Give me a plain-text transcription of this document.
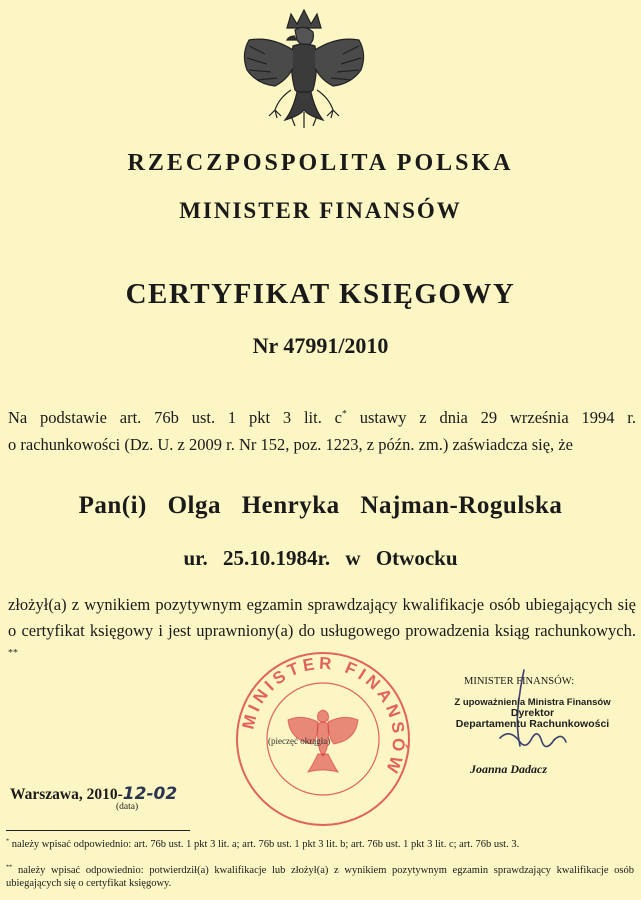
RZECZPOSPOLITA POLSKA
MINISTER FINANSÓW
CERTYFIKAT KSIĘGOWY
Nr 47991/2010
Na podstawie art. 76b ust. 1 pkt 3 lit. c* ustawy z dnia 29 września 1994 r.
o rachunkowości (Dz. U. z 2009 r. Nr 152, poz. 1223, z późn. zm.) zaświadcza się, że
Pan(i) Olga Henryka Najman-Rogulska
ur. 25.10.1984r. w Otwocku
złożył(a) z wynikiem pozytywnym egzamin sprawdzający kwalifikacje osób ubiegających się o certyfikat księgowy i jest uprawniony(a) do usługowego prowadzenia ksiąg rachunkowych. **
MINISTER FINANSÓW
(pieczęć okrągła)
MINISTER FINANSÓW:
Z upoważnienia Ministra Finansów
Dyrektor
Departamentu Rachunkowości
Joanna Dadacz
Warszawa, 2010-12-02
(data)
* należy wpisać odpowiednio: art. 76b ust. 1 pkt 3 lit. a; art. 76b ust. 1 pkt 3 lit. b; art. 76b ust. 1 pkt 3 lit. c; art. 76b ust. 3.
** należy wpisać odpowiednio: potwierdził(a) kwalifikacje lub złożył(a) z wynikiem pozytywnym egzamin sprawdzający kwalifikacje osób ubiegających się o certyfikat księgowy.
